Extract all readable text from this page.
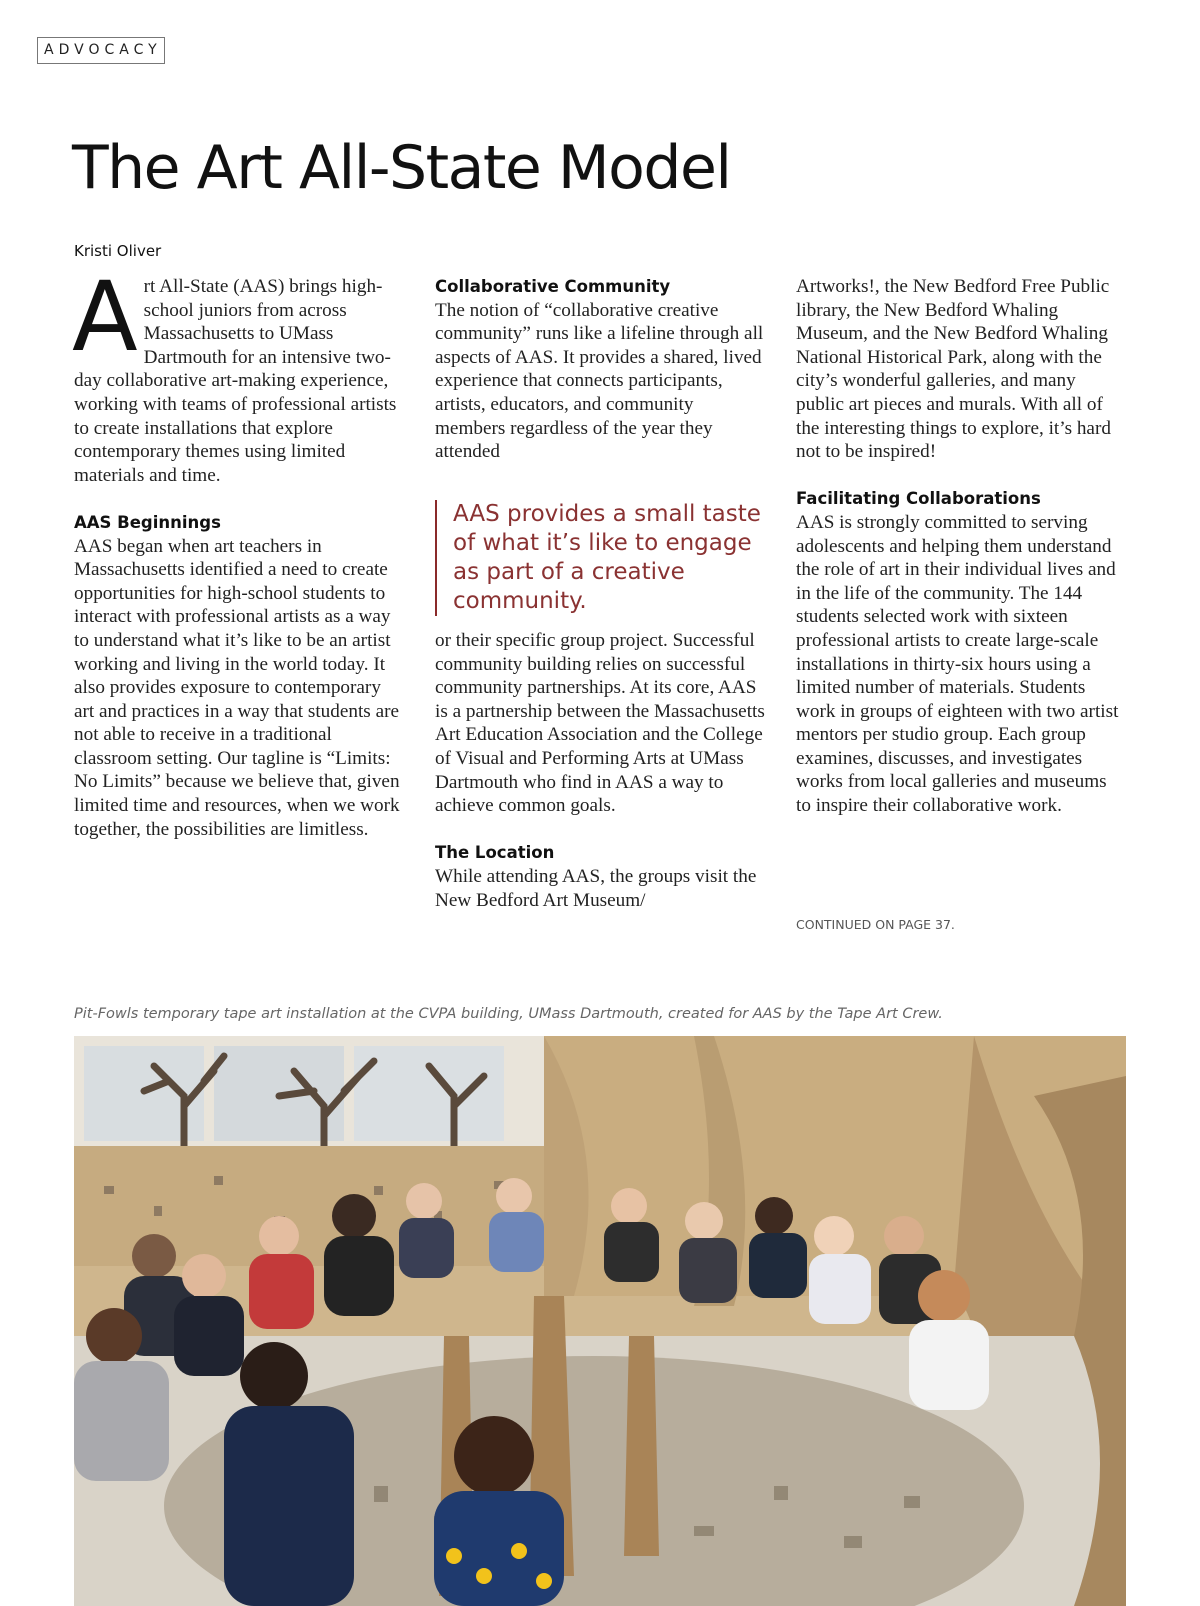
ADVOCACY
The Art All-State Model
Kristi Oliver

Art All-State (AAS) brings high-school juniors from across Massachusetts to UMass Dartmouth for an intensive two-day collaborative art-making experience, working with teams of professional artists to create installations that explore contemporary themes using limited materials and time.

AAS Beginnings

AAS began when art teachers in Massachusetts identified a need to create opportunities for high-school students to interact with professional artists as a way to understand what it’s like to be an artist working and living in the world today. It also provides exposure to contemporary art and practices in a way that students are not able to receive in a traditional classroom setting. Our tagline is “Limits: No Limits” because we believe that, given limited time and resources, when we work together, the possibilities are limitless.

Collaborative Community

The notion of “collaborative creative community” runs like a lifeline through all aspects of AAS. It provides a shared, lived experience that connects participants, artists, educators, and community members regardless of the year they attended

AAS provides a small taste of what it’s like to engage as part of a creative community.

or their specific group project. Successful community building relies on successful community partnerships. At its core, AAS is a partnership between the Massachusetts Art Education Association and the College of Visual and Performing Arts at UMass Dartmouth who find in AAS a way to achieve common goals.

The Location

While attending AAS, the groups visit the New Bedford Art Museum/

Artworks!, the New Bedford Free Public library, the New Bedford Whaling Museum, and the New Bedford Whaling National Historical Park, along with the city’s wonderful galleries, and many public art pieces and murals. With all of the interesting things to explore, it’s hard not to be inspired!

Facilitating Collaborations

AAS is strongly committed to serving adolescents and helping them understand the role of art in their individual lives and in the life of the community. The 144 students selected work with sixteen professional artists to create large-scale installations in thirty-six hours using a limited number of materials. Students work in groups of eighteen with two artist mentors per studio group. Each group examines, discusses, and investigates works from local galleries and museums to inspire their collaborative work.

CONTINUED ON PAGE 37.
Pit-Fowls temporary tape art installation at the CVPA building, UMass Dartmouth, created for AAS by the Tape Art Crew.
